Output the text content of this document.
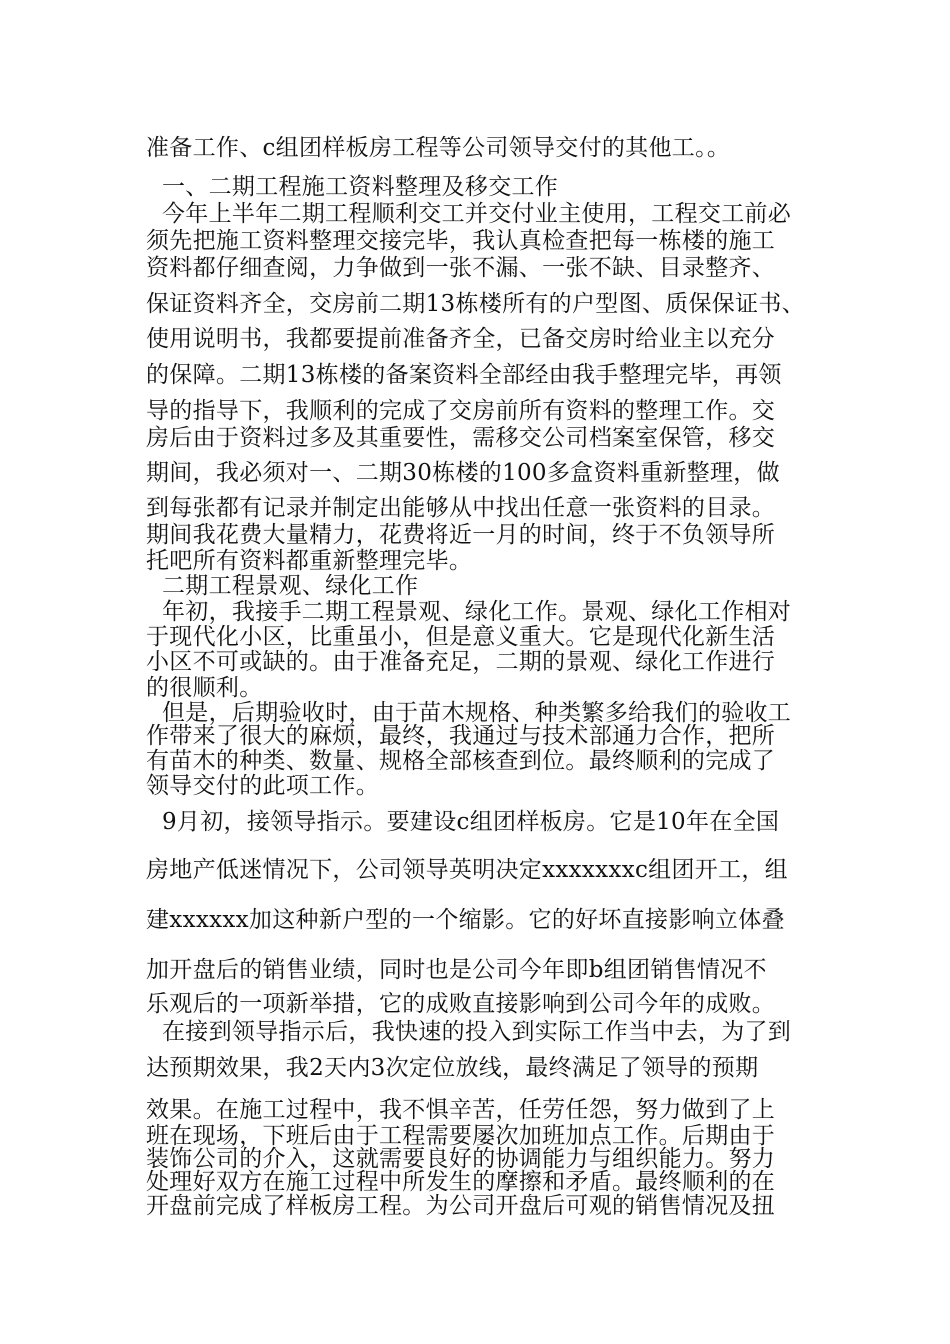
准备工作、c组团样板房工程等公司领导交付的其他工。。
一、二期工程施工资料整理及移交工作
今年上半年二期工程顺利交工并交付业主使用，工程交工前必
须先把施工资料整理交接完毕，我认真检查把每一栋楼的施工
资料都仔细查阅，力争做到一张不漏、一张不缺、目录整齐、
保证资料齐全，交房前二期13栋楼所有的户型图、质保保证书、
使用说明书，我都要提前准备齐全，已备交房时给业主以充分
的保障。二期13栋楼的备案资料全部经由我手整理完毕，再领
导的指导下，我顺利的完成了交房前所有资料的整理工作。交
房后由于资料过多及其重要性，需移交公司档案室保管，移交
期间，我必须对一、二期30栋楼的100多盒资料重新整理，做
到每张都有记录并制定出能够从中找出任意一张资料的目录。
期间我花费大量精力，花费将近一月的时间，终于不负领导所
托吧所有资料都重新整理完毕。
二期工程景观、绿化工作
年初，我接手二期工程景观、绿化工作。景观、绿化工作相对
于现代化小区，比重虽小，但是意义重大。它是现代化新生活
小区不可或缺的。由于准备充足，二期的景观、绿化工作进行
的很顺利。
但是，后期验收时，由于苗木规格、种类繁多给我们的验收工
作带来了很大的麻烦，最终，我通过与技术部通力合作，把所
有苗木的种类、数量、规格全部核查到位。最终顺利的完成了
领导交付的此项工作。
9月初，接领导指示。要建设c组团样板房。它是10年在全国
房地产低迷情况下，公司领导英明决定xxxxxxxc组团开工，组
建xxxxxx加这种新户型的一个缩影。它的好坏直接影响立体叠
加开盘后的销售业绩，同时也是公司今年即b组团销售情况不
乐观后的一项新举措，它的成败直接影响到公司今年的成败。
在接到领导指示后，我快速的投入到实际工作当中去，为了到
达预期效果，我2天内3次定位放线，最终满足了领导的预期
效果。在施工过程中，我不惧辛苦，任劳任怨，努力做到了上
班在现场，下班后由于工程需要屡次加班加点工作。后期由于
装饰公司的介入，这就需要良好的协调能力与组织能力。努力
处理好双方在施工过程中所发生的摩擦和矛盾。最终顺利的在
开盘前完成了样板房工程。为公司开盘后可观的销售情况及扭
